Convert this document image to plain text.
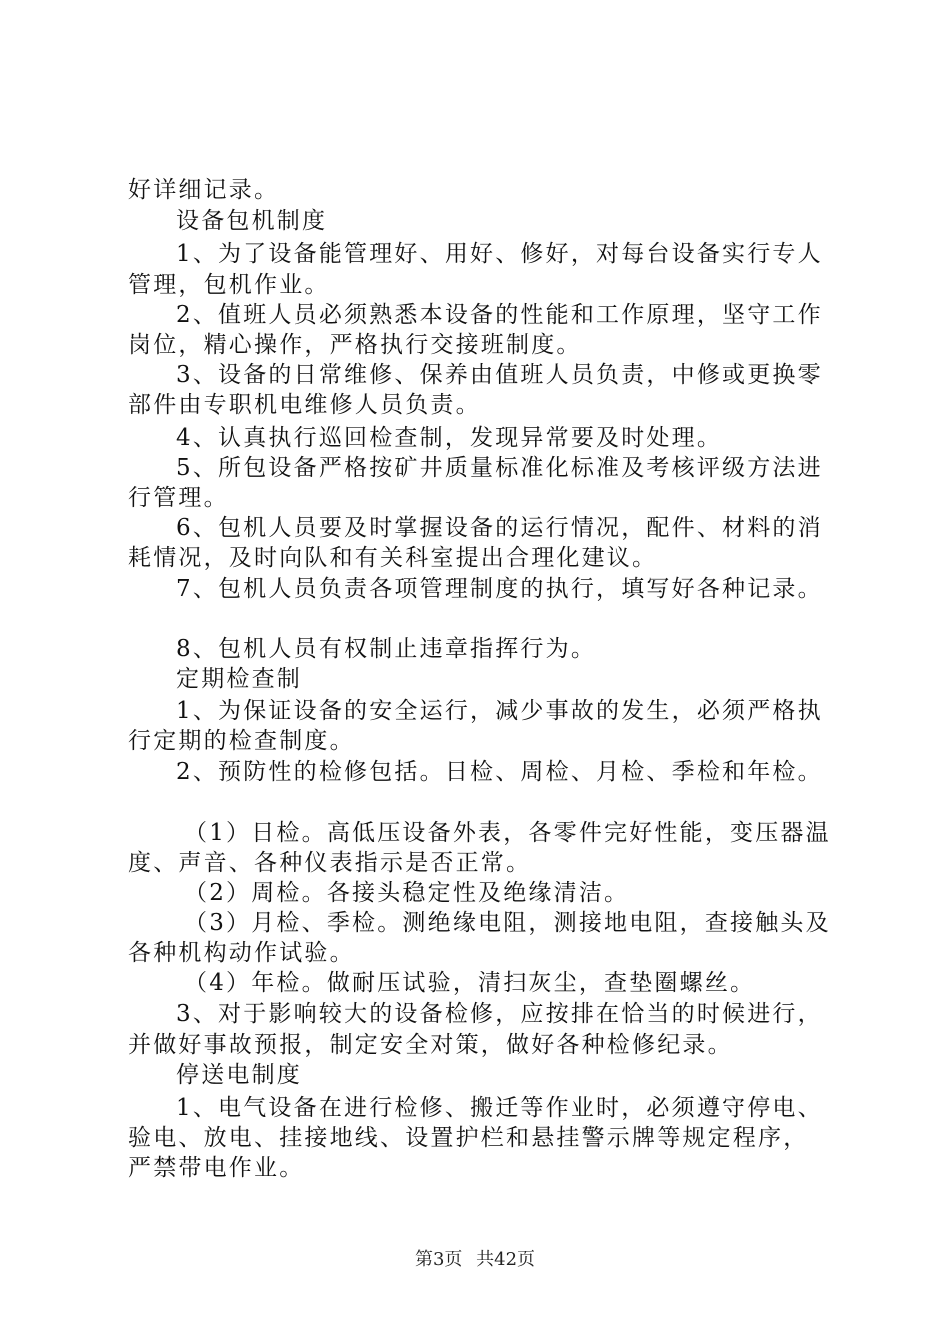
好详细记录。
设备包机制度
1、为了设备能管理好、用好、修好，对每台设备实行专人
管理，包机作业。
2、值班人员必须熟悉本设备的性能和工作原理，坚守工作
岗位，精心操作，严格执行交接班制度。
3、设备的日常维修、保养由值班人员负责，中修或更换零
部件由专职机电维修人员负责。
4、认真执行巡回检查制，发现异常要及时处理。
5、所包设备严格按矿井质量标准化标准及考核评级方法进
行管理。
6、包机人员要及时掌握设备的运行情况，配件、材料的消
耗情况，及时向队和有关科室提出合理化建议。
7、包机人员负责各项管理制度的执行，填写好各种记录。
8、包机人员有权制止违章指挥行为。
定期检查制
1、为保证设备的安全运行，减少事故的发生，必须严格执
行定期的检查制度。
2、预防性的检修包括。日检、周检、月检、季检和年检。
（1）日检。高低压设备外表，各零件完好性能，变压器温
度、声音、各种仪表指示是否正常。
（2）周检。各接头稳定性及绝缘清洁。
（3）月检、季检。测绝缘电阻，测接地电阻，查接触头及
各种机构动作试验。
（4）年检。做耐压试验，清扫灰尘，查垫圈螺丝。
3、对于影响较大的设备检修，应按排在恰当的时候进行，
并做好事故预报，制定安全对策，做好各种检修纪录。
停送电制度
1、电气设备在进行检修、搬迁等作业时，必须遵守停电、
验电、放电、挂接地线、设置护栏和悬挂警示牌等规定程序，
严禁带电作业。
第3页 共42页
